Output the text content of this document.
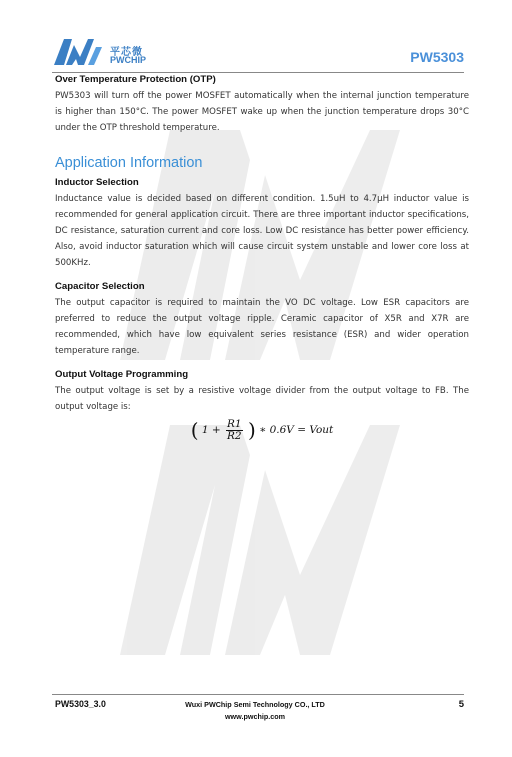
平芯微
PWCHIP	PW5303
Over Temperature Protection (OTP)

PW5303 will turn off the power MOSFET automatically when the internal junction temperature is higher than 150°C. The power MOSFET wake up when the junction temperature drops 30°C under the OTP threshold temperature.

Application Information
Inductor Selection

Inductance value is decided based on different condition. 1.5uH to 4.7μH inductor value is recommended for general application circuit. There are three important inductor specifications, DC resistance, saturation current and core loss. Low DC resistance has better power efficiency. Also, avoid inductor saturation which will cause circuit system unstable and lower core loss at 500KHz.

Capacitor Selection

The output capacitor is required to maintain the VO DC voltage. Low ESR capacitors are preferred to reduce the output voltage ripple. Ceramic capacitor of X5R and X7R are recommended, which have low equivalent series resistance (ESR) and wider operation temperature range.

Output Voltage Programming

The output voltage is set by a resistive voltage divider from the output voltage to FB. The output voltage is:

( $1 + \frac{R1}{R2}$ ) ∗ 0.6V = Vout
PW5303_3.0	Wuxi PWChip Semi Technology CO., LTD
www.pwchip.com
5
